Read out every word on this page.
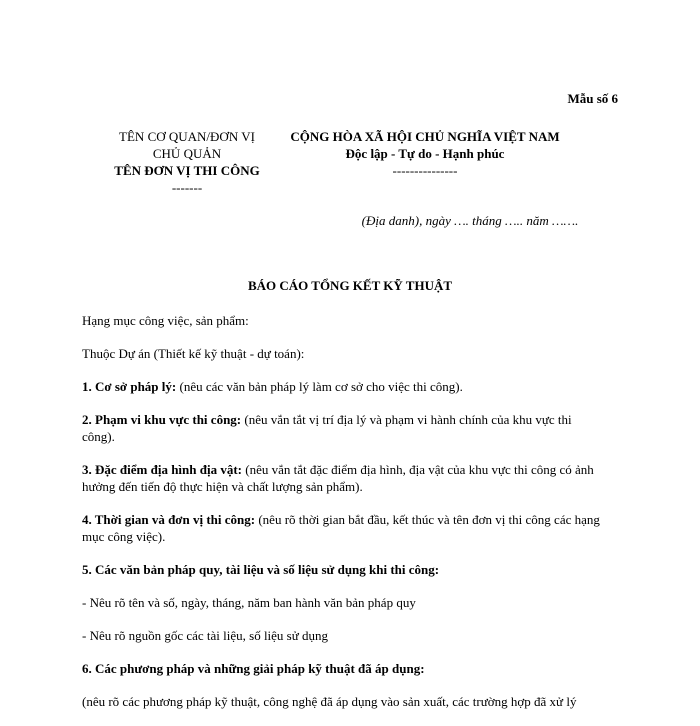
Mẫu số 6
TÊN CƠ QUAN/ĐƠN VỊ
CHỦ QUẢN
TÊN ĐƠN VỊ THI CÔNG
-------
CỘNG HÒA XÃ HỘI CHỦ NGHĨA VIỆT NAM
Độc lập - Tự do - Hạnh phúc
---------------
(Địa danh), ngày …. tháng ….. năm …….
BÁO CÁO TỔNG KẾT KỸ THUẬT

Hạng mục công việc, sản phẩm:

Thuộc Dự án (Thiết kế kỹ thuật - dự toán):

1. Cơ sở pháp lý: (nêu các văn bản pháp lý làm cơ sở cho việc thi công).

2. Phạm vi khu vực thi công: (nêu vắn tắt vị trí địa lý và phạm vi hành chính của khu vực thi công).

3. Đặc điểm địa hình địa vật: (nêu vắn tắt đặc điểm địa hình, địa vật của khu vực thi công có ảnh hưởng đến tiến độ thực hiện và chất lượng sản phẩm).

4. Thời gian và đơn vị thi công: (nêu rõ thời gian bắt đầu, kết thúc và tên đơn vị thi công các hạng mục công việc).

5. Các văn bản pháp quy, tài liệu và số liệu sử dụng khi thi công:

- Nêu rõ tên và số, ngày, tháng, năm ban hành văn bản pháp quy

- Nêu rõ nguồn gốc các tài liệu, số liệu sử dụng

6. Các phương pháp và những giải pháp kỹ thuật đã áp dụng:

(nêu rõ các phương pháp kỹ thuật, công nghệ đã áp dụng vào sản xuất, các trường hợp đã xử lý
